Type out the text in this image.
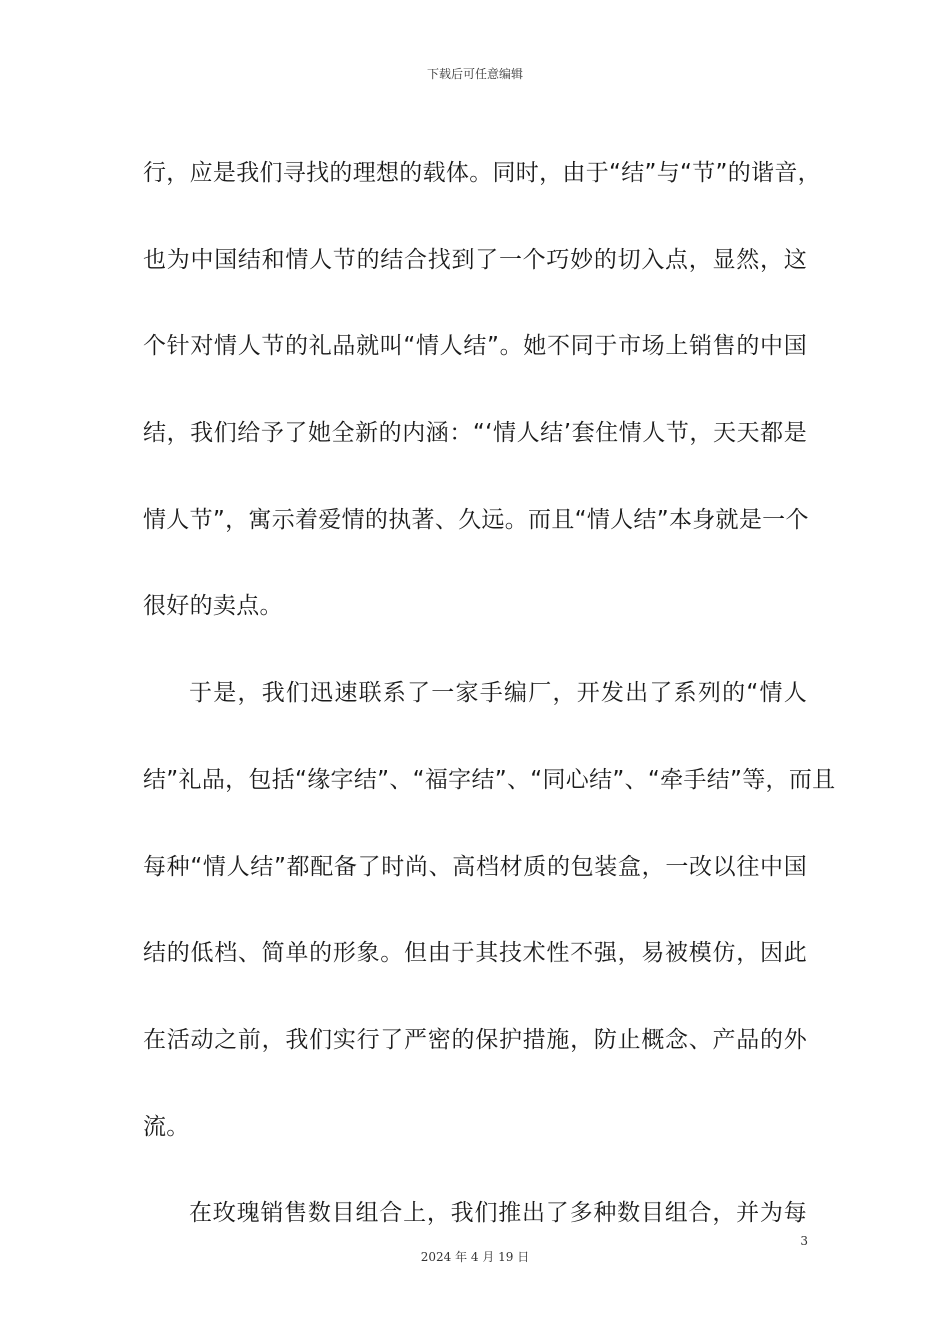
下载后可任意编辑
行，应是我们寻找的理想的载体。同时，由于“结”与“节”的谐音，
也为中国结和情人节的结合找到了一个巧妙的切入点，显然，这
个针对情人节的礼品就叫“情人结”。她不同于市场上销售的中国
结，我们给予了她全新的内涵：“‘情人结’套住情人节，天天都是
情人节”，寓示着爱情的执著、久远。而且“情人结”本身就是一个
很好的卖点。
于是，我们迅速联系了一家手编厂，开发出了系列的“情人
结”礼品，包括“缘字结”、“福字结”、“同心结”、“牵手结”等，而且
每种“情人结”都配备了时尚、高档材质的包装盒，一改以往中国
结的低档、简单的形象。但由于其技术性不强，易被模仿，因此
在活动之前，我们实行了严密的保护措施，防止概念、产品的外
流。
在玫瑰销售数目组合上，我们推出了多种数目组合，并为每
3
2024 年 4 月 19 日
